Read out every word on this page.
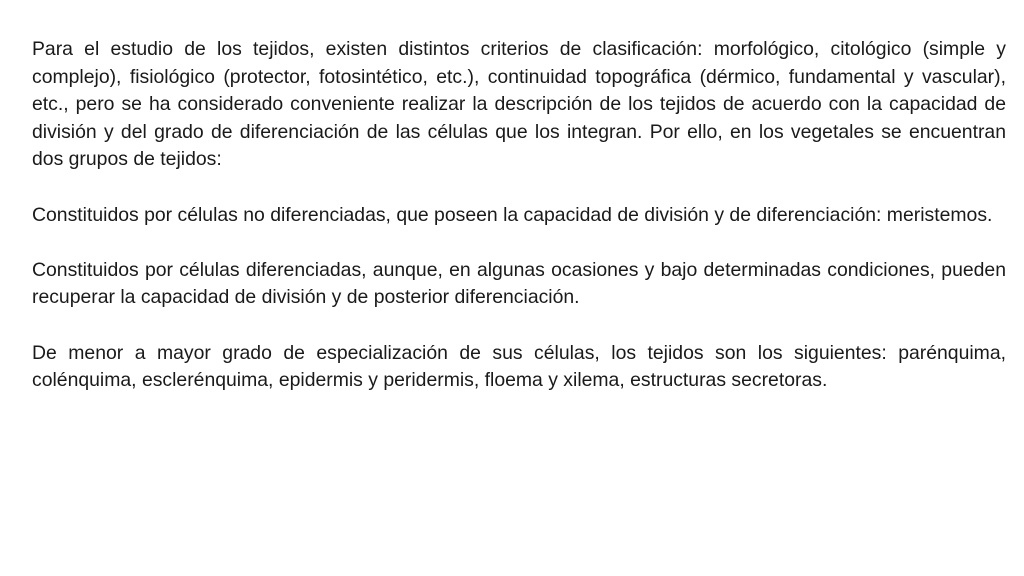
Para el estudio de los tejidos, existen distintos criterios de clasificación: morfológico, citológico (simple y complejo), fisiológico (protector, fotosintético, etc.), continuidad topográfica (dérmico, fundamental y vascular), etc., pero se ha considerado conveniente realizar la descripción de los tejidos de acuerdo con la capacidad de división y del grado de diferenciación de las células que los integran. Por ello, en los vegetales se encuentran dos grupos de tejidos:

Constituidos por células no diferenciadas, que poseen la capacidad de división y de diferenciación: meristemos.

Constituidos por células diferenciadas, aunque, en algunas ocasiones y bajo determinadas condiciones, pueden recuperar la capacidad de división y de posterior diferenciación.

De menor a mayor grado de especialización de sus células, los tejidos son los siguientes: parénquima, colénquima, esclerénquima, epidermis y peridermis, floema y xilema, estructuras secretoras.
